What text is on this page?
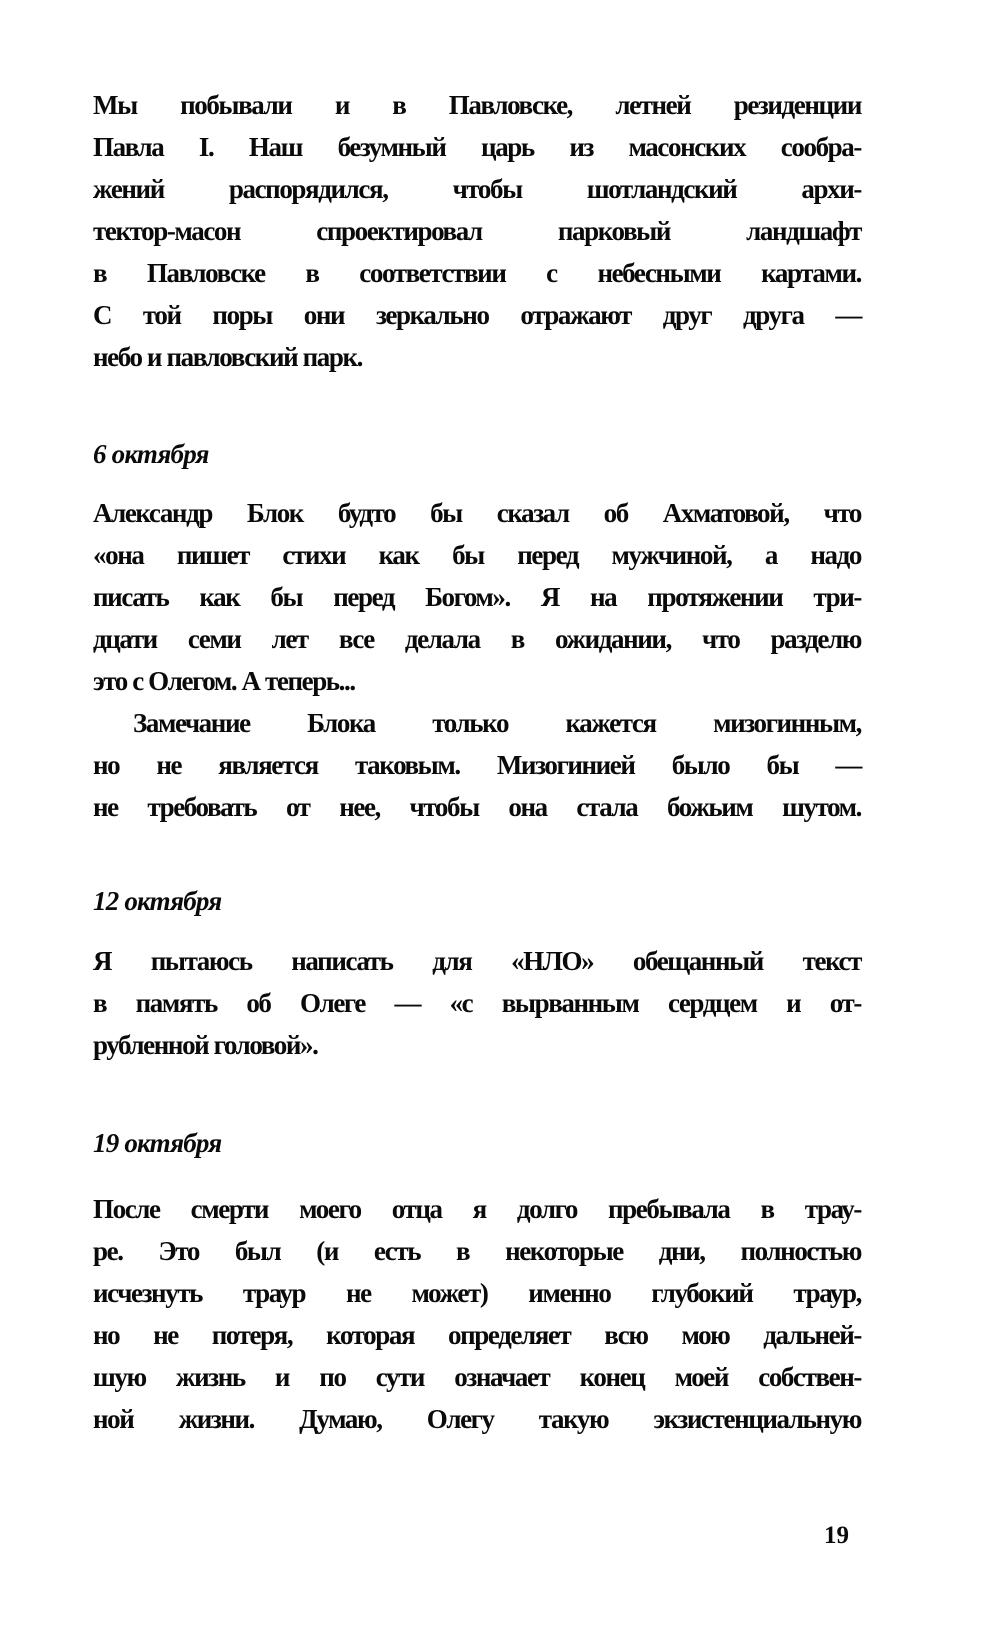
Мы побывали и в Павловске, летней резиденции
Павла I. Наш безумный царь из масонских сообра-
жений распорядился, чтобы шотландский архи-
тектор-масон спроектировал парковый ландшафт
в Павловске в соответствии с небесными картами.
С той поры они зеркально отражают друг друга —
небо и павловский парк.
6 октября
Александр Блок будто бы сказал об Ахматовой, что
«она пишет стихи как бы перед мужчиной, а надо
писать как бы перед Богом». Я на протяжении три-
дцати семи лет все делала в ожидании, что разделю
это с Олегом. А теперь...
Замечание Блока только кажется мизогинным,
но не является таковым. Мизогинией было бы —
не требовать от нее, чтобы она стала божьим шутом.
12 октября
Я пытаюсь написать для «НЛО» обещанный текст
в память об Олеге — «с вырванным сердцем и от-
рубленной головой».
19 октября
После смерти моего отца я долго пребывала в трау-
ре. Это был (и есть в некоторые дни, полностью
исчезнуть траур не может) именно глубокий траур,
но не потеря, которая определяет всю мою дальней-
шую жизнь и по сути означает конец моей собствен-
ной жизни. Думаю, Олегу такую экзистенциальную
19
